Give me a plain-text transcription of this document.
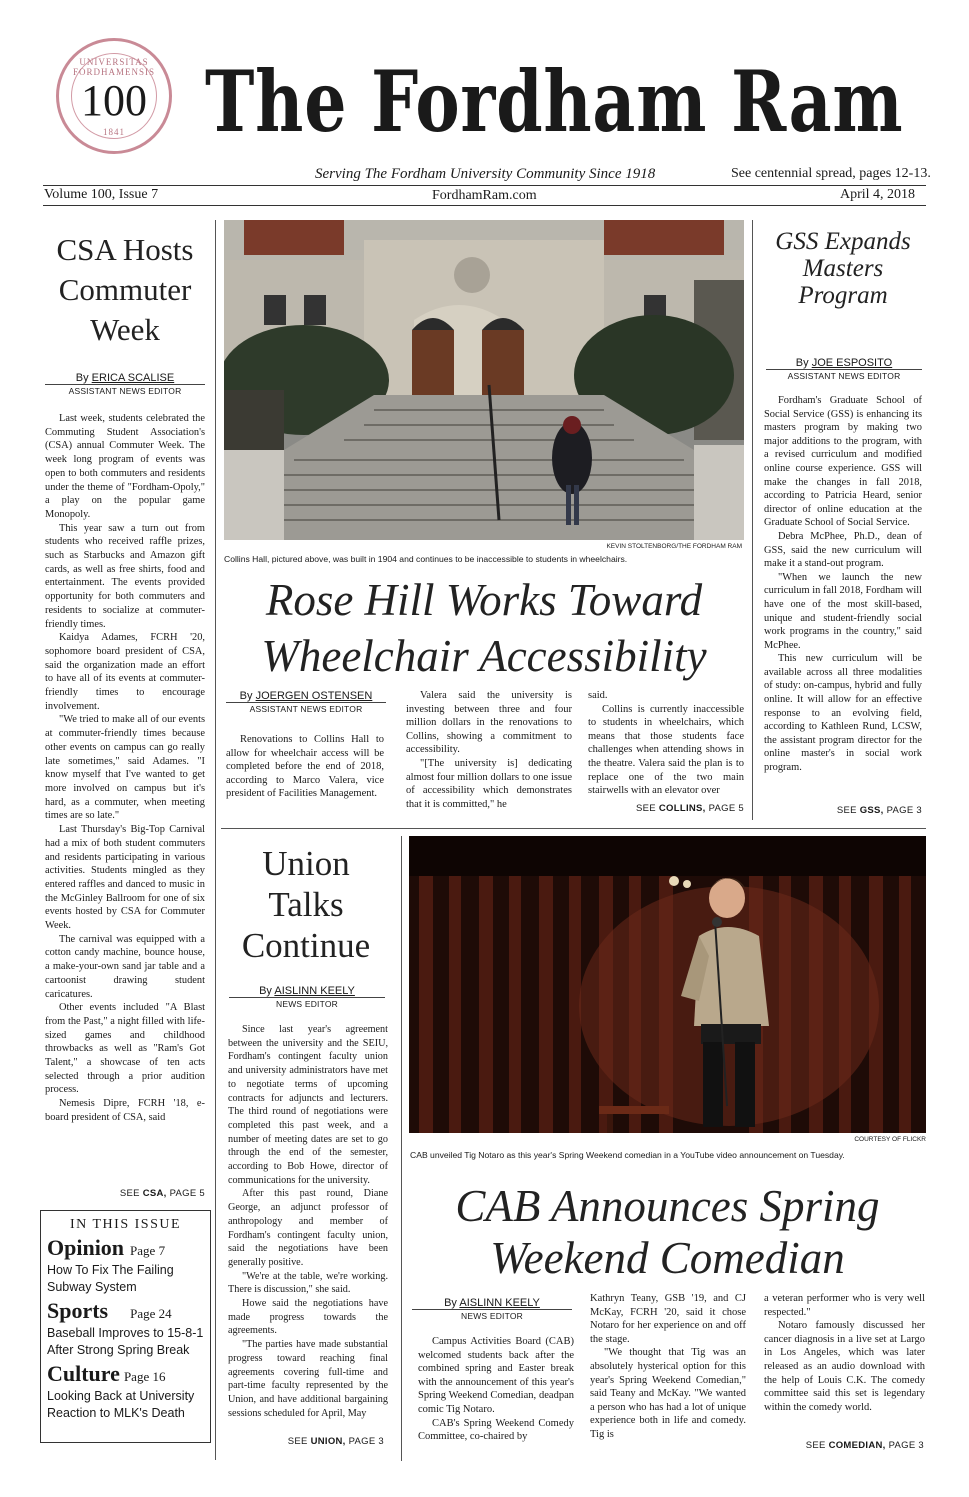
UNIVERSITAS FORDHAMENSIS
100
1841 The Fordham Ram
Serving The Fordham University Community Since 1918	See centennial spread, pages 12-13.
Volume 100, Issue 7	FordhamRam.com	April 4, 2018
CSA Hosts Commuter Week
By ERICA SCALISE
ASSISTANT NEWS EDITOR

Last week, students celebrated the Commuting Student Association's (CSA) annual Commuter Week. The week long program of events was open to both commuters and residents under the theme of "Fordham-Opoly," a play on the popular game Monopoly.

This year saw a turn out from students who received raffle prizes, such as Starbucks and Amazon gift cards, as well as free shirts, food and entertainment. The events provided opportunity for both commuters and residents to socialize at commuter-friendly times.

Kaidya Adames, FCRH '20, sophomore board president of CSA, said the organization made an effort to have all of its events at commuter-friendly times to encourage involvement.

"We tried to make all of our events at commuter-friendly times because other events on campus can go really late sometimes," said Adames. "I know myself that I've wanted to get more involved on campus but it's hard, as a commuter, when meeting times are so late."

Last Thursday's Big-Top Carnival had a mix of both student commuters and residents participating in various activities. Students mingled as they entered raffles and danced to music in the McGinley Ballroom for one of six events hosted by CSA for Commuter Week.

The carnival was equipped with a cotton candy machine, bounce house, a make-your-own sand jar table and a cartoonist drawing student caricatures.

Other events included "A Blast from the Past," a night filled with life-sized games and childhood throwbacks as well as "Ram's Got Talent," a showcase of ten acts selected through a prior audition process.

Nemesis Dipre, FCRH '18, e-board president of CSA, said

SEE CSA, PAGE 5
IN THIS ISSUE
Opinion Page 7
How To Fix The Failing Subway System
Sports Page 24
Baseball Improves to 15-8-1 After Strong Spring Break
Culture Page 16
Looking Back at University Reaction to MLK's Death
KEVIN STOLTENBORG/THE FORDHAM RAM
Collins Hall, pictured above, was built in 1904 and continues to be inaccessible to students in wheelchairs.
Rose Hill Works Toward
Wheelchair Accessibility
By JOERGEN OSTENSEN
ASSISTANT NEWS EDITOR

Renovations to Collins Hall to allow for wheelchair access will be completed before the end of 2018, according to Marco Valera, vice president of Facilities Management.

Valera said the university is investing between three and four million dollars in the renovations to Collins, showing a commitment to accessibility.

"[The university is] dedicating almost four million dollars to one issue of accessibility which demonstrates that it is committed," he

said.

Collins is currently inaccessible to students in wheelchairs, which means that those students face challenges when attending shows in the theatre. Valera said the plan is to replace one of the two main stairwells with an elevator over

SEE COLLINS, PAGE 5
GSS Expands Masters Program
By JOE ESPOSITO
ASSISTANT NEWS EDITOR

Fordham's Graduate School of Social Service (GSS) is enhancing its masters program by making two major additions to the program, with a revised curriculum and modified online course experience. GSS will make the changes in fall 2018, according to Patricia Heard, senior director of online education at the Graduate School of Social Service.

Debra McPhee, Ph.D., dean of GSS, said the new curriculum will make it a stand-out program.

"When we launch the new curriculum in fall 2018, Fordham will have one of the most skill-based, unique and student-friendly social work programs in the country," said McPhee.

This new curriculum will be available across all three modalities of study: on-campus, hybrid and fully online. It will allow for an effective response to an evolving field, according to Kathleen Rund, LCSW, the assistant program director for the online master's in social work program.

SEE GSS, PAGE 3
Union Talks Continue
By AISLINN KEELY
NEWS EDITOR

Since last year's agreement between the university and the SEIU, Fordham's contingent faculty union and university administrators have met to negotiate terms of upcoming contracts for adjuncts and lecturers. The third round of negotiations were completed this past week, and a number of meeting dates are set to go through the end of the semester, according to Bob Howe, director of communications for the university.

After this past round, Diane George, an adjunct professor of anthropology and member of Fordham's contingent faculty union, said the negotiations have been generally positive.

"We're at the table, we're working. There is discussion," she said.

Howe said the negotiations have made progress towards the agreements.

"The parties have made substantial progress toward reaching final agreements covering full-time and part-time faculty represented by the Union, and have additional bargaining sessions scheduled for April, May

SEE UNION, PAGE 3
COURTESY OF FLICKR
CAB unveiled Tig Notaro as this year's Spring Weekend comedian in a YouTube video announcement on Tuesday.
CAB Announces Spring
Weekend Comedian
By AISLINN KEELY
NEWS EDITOR

Campus Activities Board (CAB) welcomed students back after the combined spring and Easter break with the announcement of this year's Spring Weekend Comedian, deadpan comic Tig Notaro.

CAB's Spring Weekend Comedy Committee, co-chaired by

Kathryn Teany, GSB '19, and CJ McKay, FCRH '20, said it chose Notaro for her experience on and off the stage.

"We thought that Tig was an absolutely hysterical option for this year's Spring Weekend Comedian," said Teany and McKay. "We wanted a person who has had a lot of unique experience both in life and comedy. Tig is

a veteran performer who is very well respected."

Notaro famously discussed her cancer diagnosis in a live set at Largo in Los Angeles, which was later released as an audio download with the help of Louis C.K. The comedy committee said this set is legendary within the comedy world.

SEE COMEDIAN, PAGE 3
